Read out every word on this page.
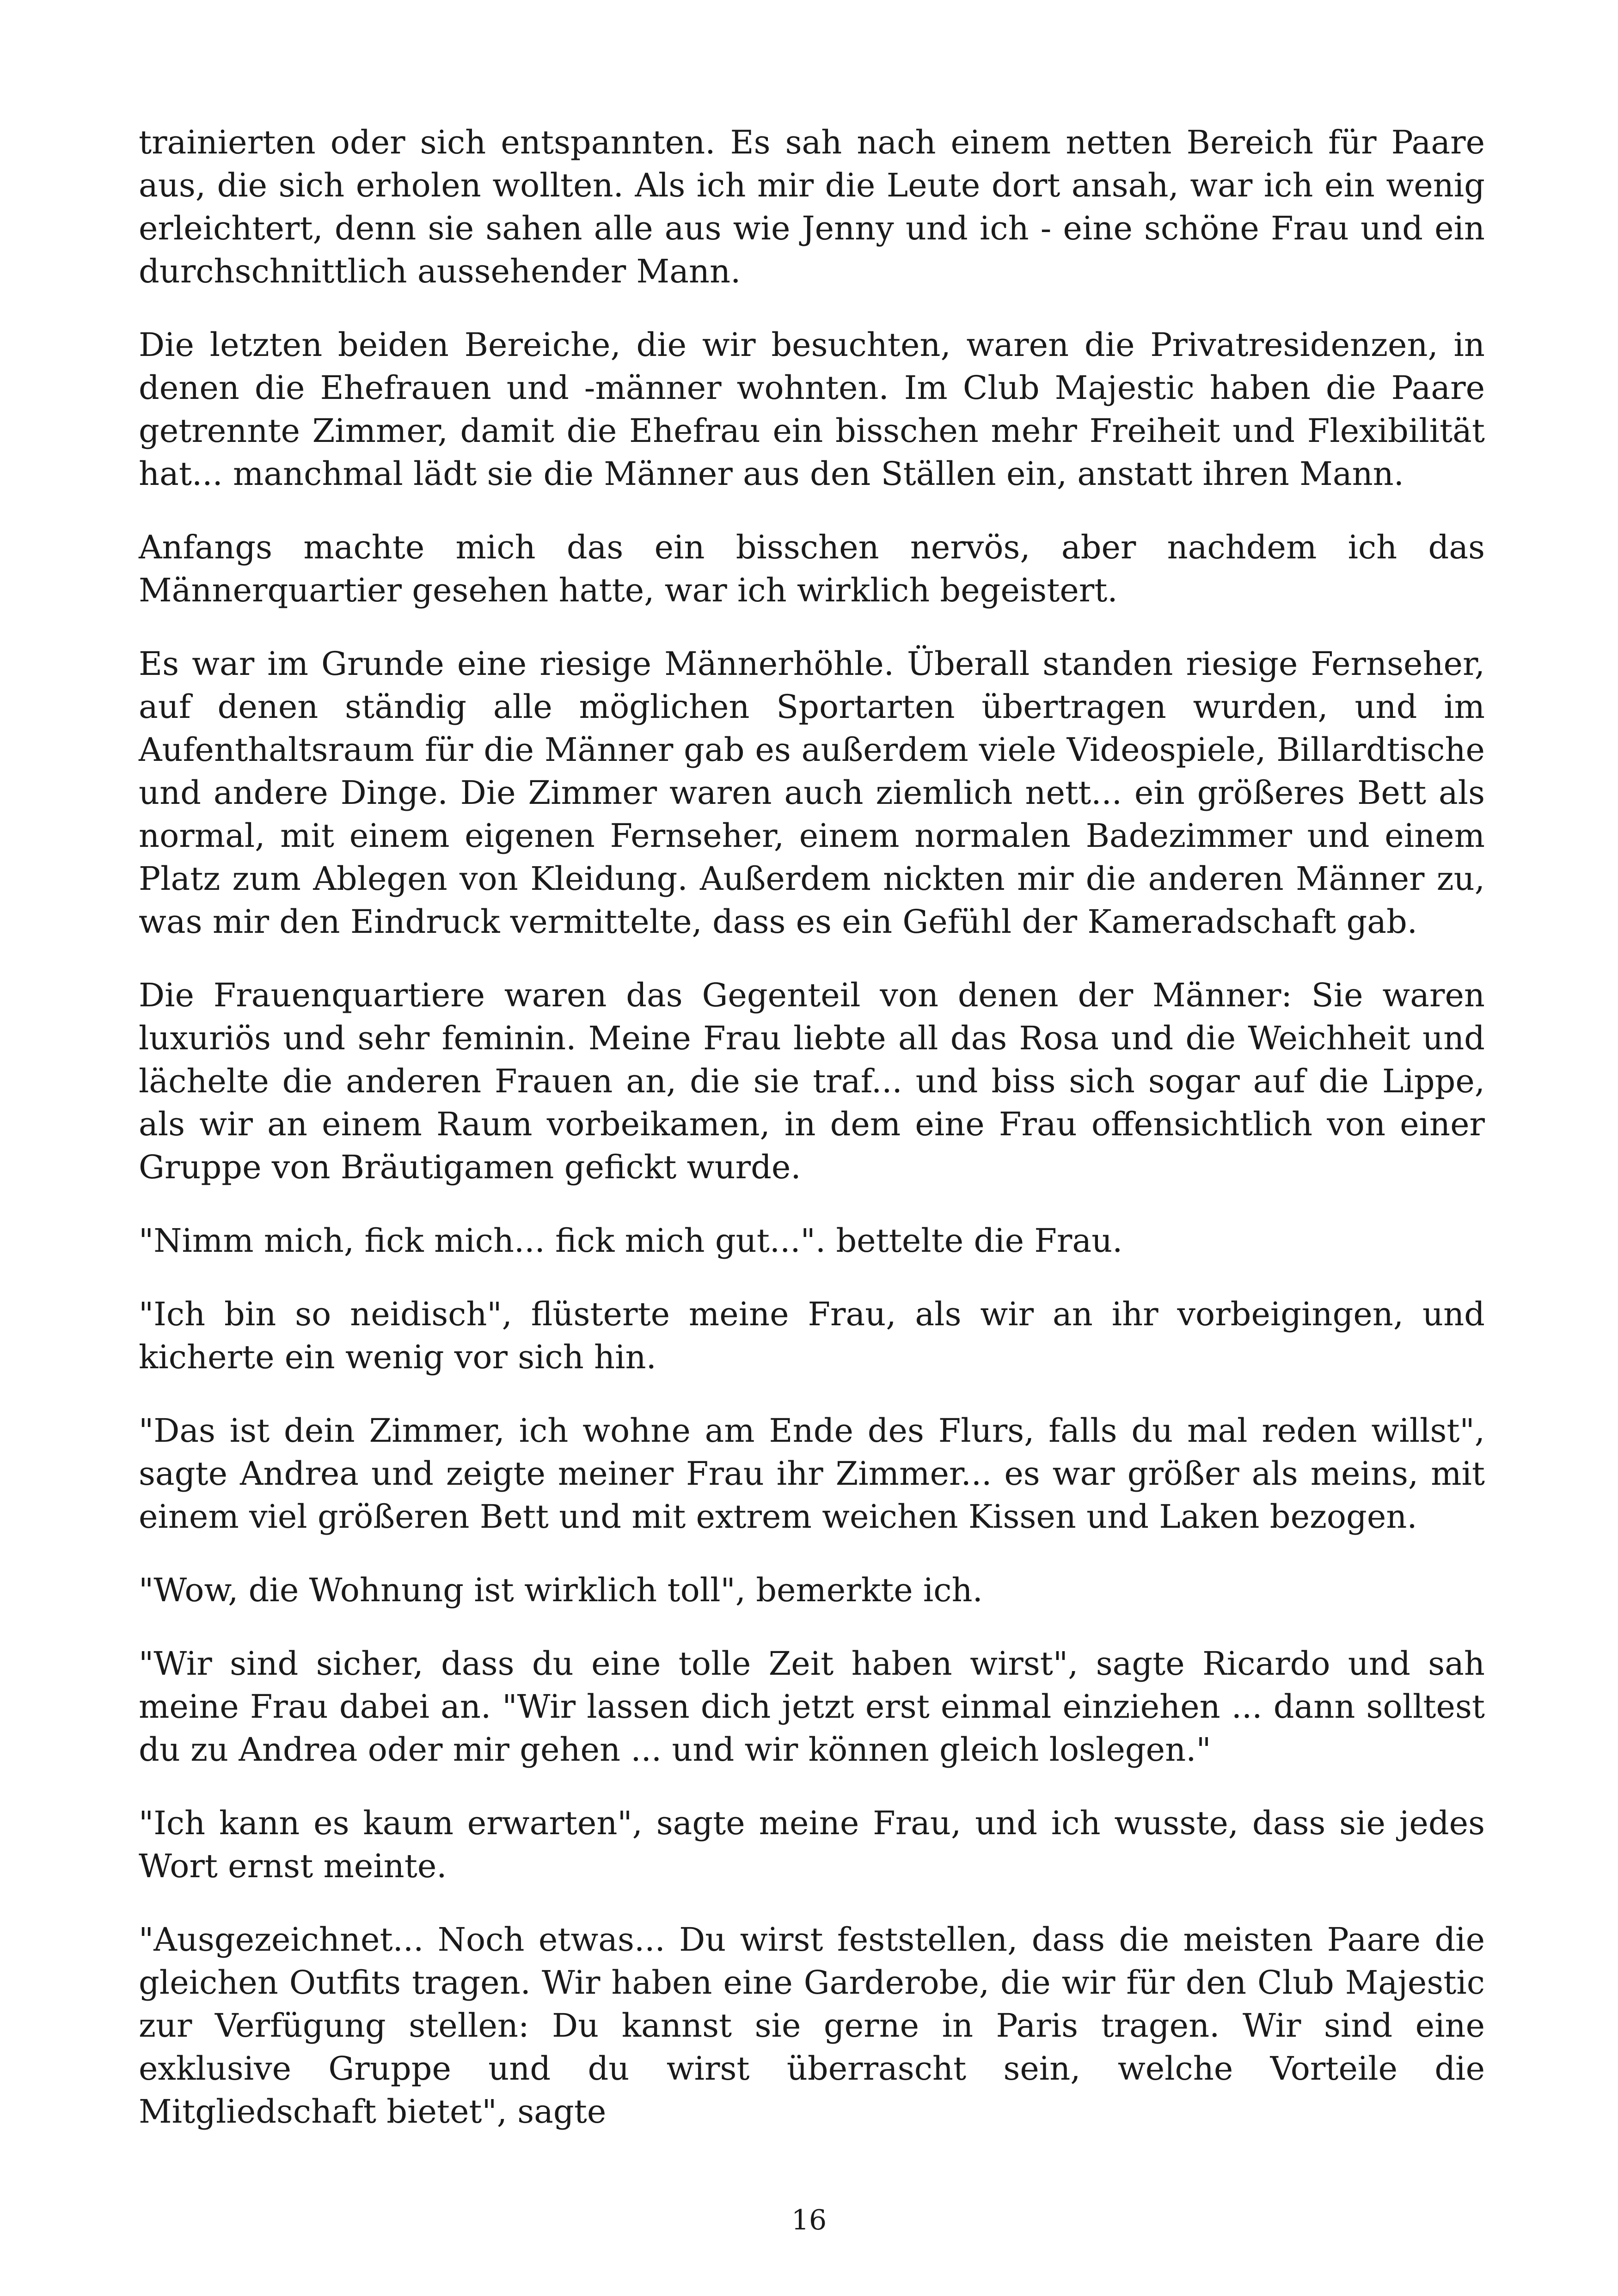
trainierten oder sich entspannten. Es sah nach einem netten Bereich für Paare aus, die sich erholen wollten. Als ich mir die Leute dort ansah, war ich ein wenig erleichtert, denn sie sahen alle aus wie Jenny und ich - eine schöne Frau und ein durchschnittlich aussehender Mann.

Die letzten beiden Bereiche, die wir besuchten, waren die Privatresidenzen, in denen die Ehefrauen und -männer wohnten. Im Club Majestic haben die Paare getrennte Zimmer, damit die Ehefrau ein bisschen mehr Freiheit und Flexibilität hat... manchmal lädt sie die Männer aus den Ställen ein, anstatt ihren Mann.

Anfangs machte mich das ein bisschen nervös, aber nachdem ich das Männerquartier gesehen hatte, war ich wirklich begeistert.

Es war im Grunde eine riesige Männerhöhle. Überall standen riesige Fernseher, auf denen ständig alle möglichen Sportarten übertragen wurden, und im Aufenthaltsraum für die Männer gab es außerdem viele Videospiele, Billardtische und andere Dinge. Die Zimmer waren auch ziemlich nett... ein größeres Bett als normal, mit einem eigenen Fernseher, einem normalen Badezimmer und einem Platz zum Ablegen von Kleidung. Außerdem nickten mir die anderen Männer zu, was mir den Eindruck vermittelte, dass es ein Gefühl der Kameradschaft gab.

Die Frauenquartiere waren das Gegenteil von denen der Männer: Sie waren luxuriös und sehr feminin. Meine Frau liebte all das Rosa und die Weichheit und lächelte die anderen Frauen an, die sie traf... und biss sich sogar auf die Lippe, als wir an einem Raum vorbeikamen, in dem eine Frau offensichtlich von einer Gruppe von Bräutigamen gefickt wurde.

"Nimm mich, fick mich... fick mich gut...". bettelte die Frau.

"Ich bin so neidisch", flüsterte meine Frau, als wir an ihr vorbeigingen, und kicherte ein wenig vor sich hin.

"Das ist dein Zimmer, ich wohne am Ende des Flurs, falls du mal reden willst", sagte Andrea und zeigte meiner Frau ihr Zimmer... es war größer als meins, mit einem viel größeren Bett und mit extrem weichen Kissen und Laken bezogen.

"Wow, die Wohnung ist wirklich toll", bemerkte ich.

"Wir sind sicher, dass du eine tolle Zeit haben wirst", sagte Ricardo und sah meine Frau dabei an. "Wir lassen dich jetzt erst einmal einziehen ... dann solltest du zu Andrea oder mir gehen ... und wir können gleich loslegen."

"Ich kann es kaum erwarten", sagte meine Frau, und ich wusste, dass sie jedes Wort ernst meinte.

"Ausgezeichnet... Noch etwas... Du wirst feststellen, dass die meisten Paare die gleichen Outfits tragen. Wir haben eine Garderobe, die wir für den Club Majestic zur Verfügung stellen: Du kannst sie gerne in Paris tragen. Wir sind eine exklusive Gruppe und du wirst überrascht sein, welche Vorteile die Mitgliedschaft bietet", sagte

16
